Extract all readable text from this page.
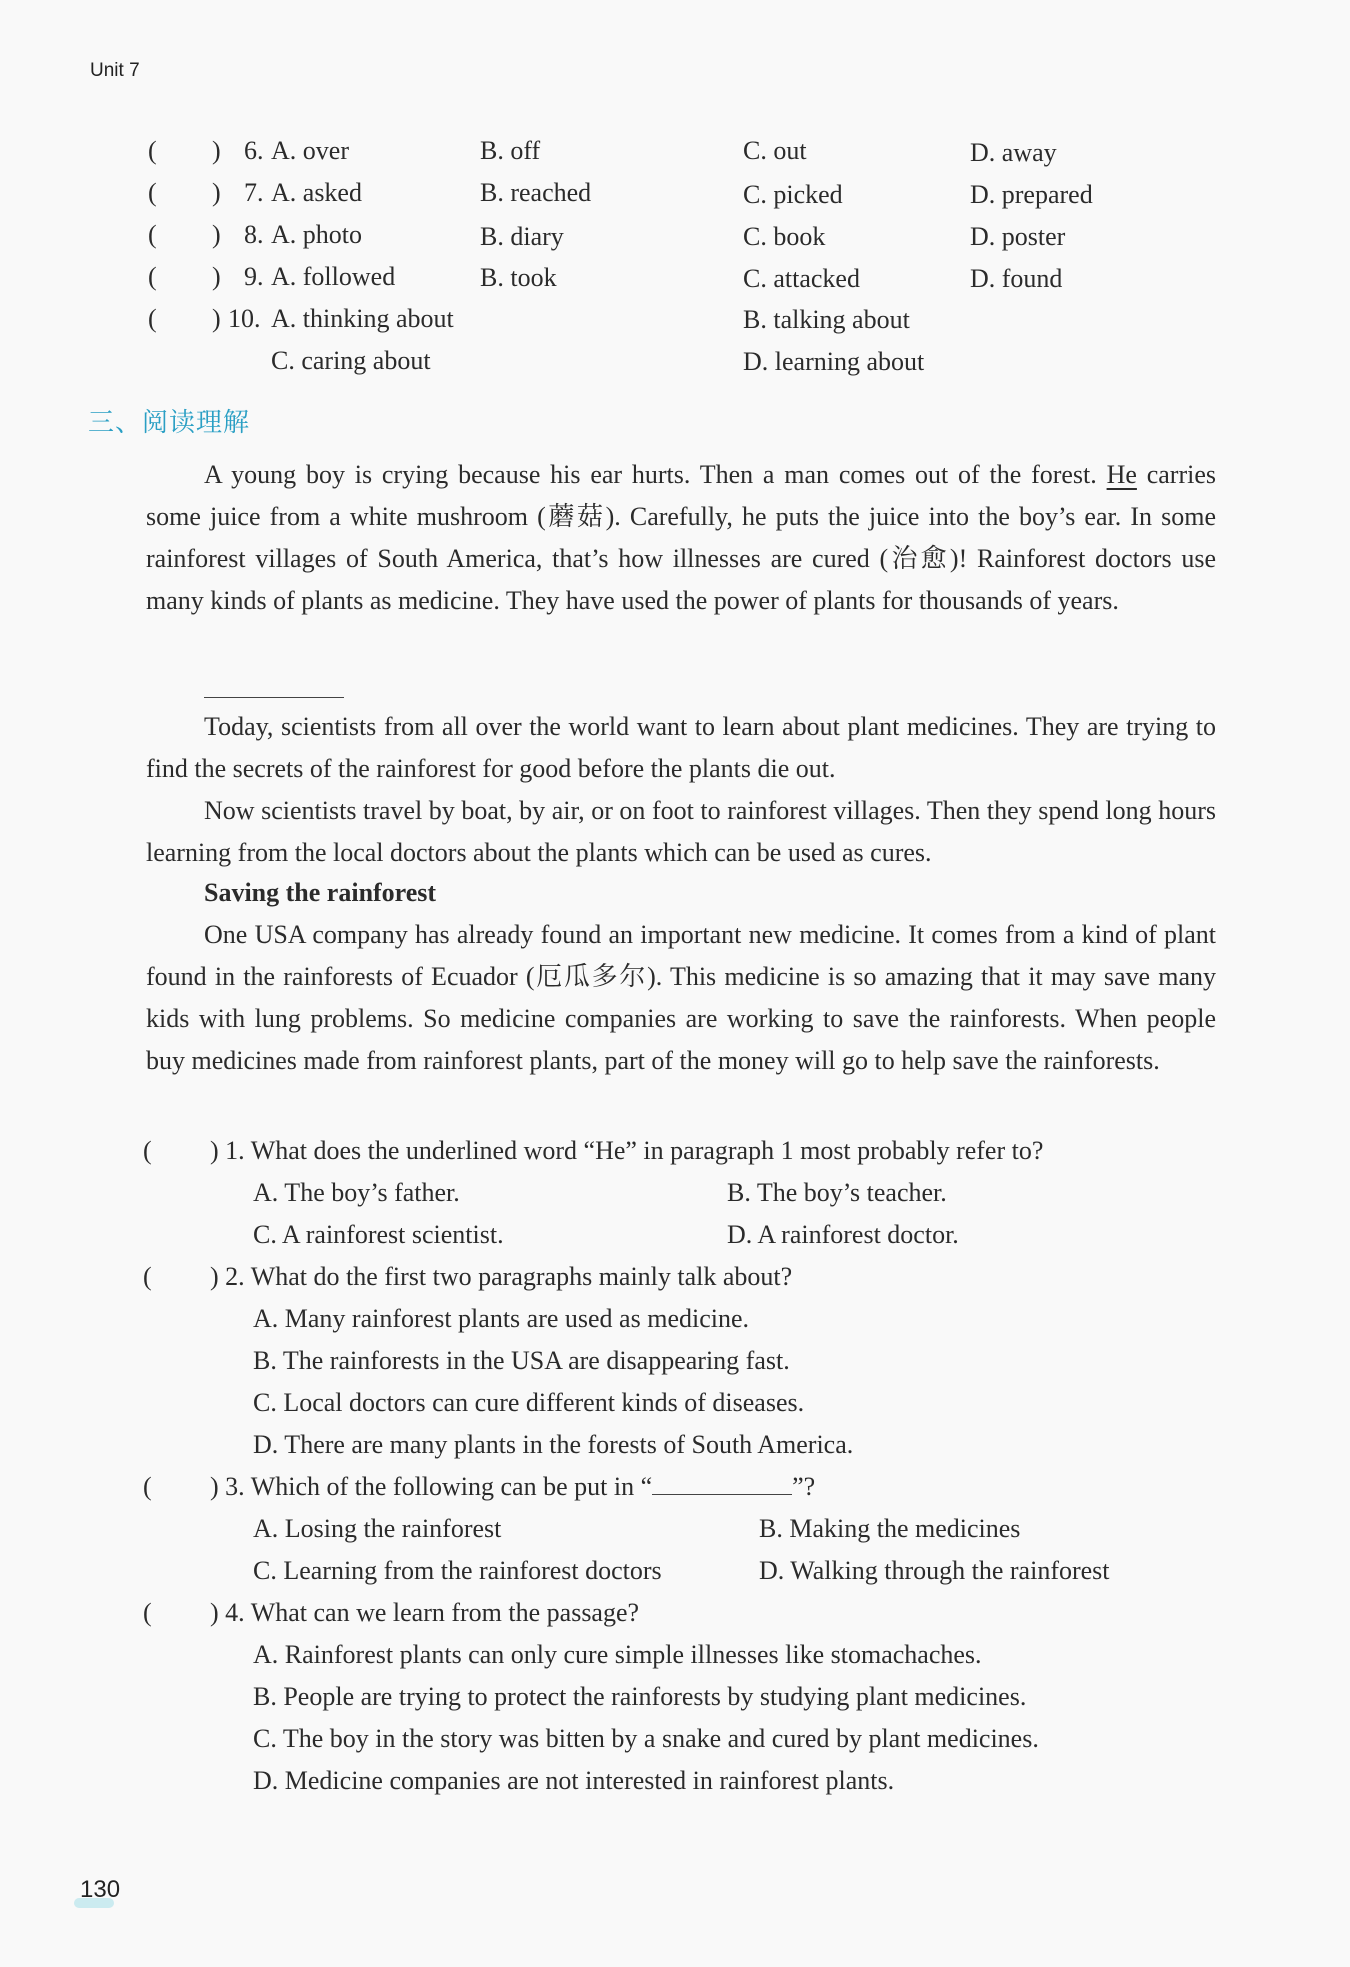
Unit 7
( ) 6. A. over	B. off	C. out	D. away
( ) 7. A. asked	B. reached	C. picked	D. prepared
( ) 8. A. photo	B. diary	C. book	D. poster
( ) 9. A. followed	B. took	C. attacked	D. found
( ) 10. A. thinking about	B. talking about
C. caring about	D. learning about
三、阅读理解
A young boy is crying because his ear hurts. Then a man comes out of the forest. He carries some juice from a white mushroom (蘑菇). Carefully, he puts the juice into the boy’s ear. In some rainforest villages of South America, that’s how illnesses are cured (治愈)! Rainforest doctors use many kinds of plants as medicine. They have used the power of plants for thousands of years.
Today, scientists from all over the world want to learn about plant medicines. They are trying to find the secrets of the rainforest for good before the plants die out.
Now scientists travel by boat, by air, or on foot to rainforest villages. Then they spend long hours learning from the local doctors about the plants which can be used as cures.
Saving the rainforest
One USA company has already found an important new medicine. It comes from a kind of plant found in the rainforests of Ecuador (厄瓜多尔). This medicine is so amazing that it may save many kids with lung problems. So medicine companies are working to save the rainforests. When people buy medicines made from rainforest plants, part of the money will go to help save the rainforests.
( ) 1. What does the underlined word “He” in paragraph 1 most probably refer to?
A. The boy’s father.	B. The boy’s teacher.
C. A rainforest scientist.	D. A rainforest doctor.
( ) 2. What do the first two paragraphs mainly talk about?
A. Many rainforest plants are used as medicine.
B. The rainforests in the USA are disappearing fast.
C. Local doctors can cure different kinds of diseases.
D. There are many plants in the forests of South America.
( ) 3. Which of the following can be put in “	”?
A. Losing the rainforest	B. Making the medicines
C. Learning from the rainforest doctors	D. Walking through the rainforest
( ) 4. What can we learn from the passage?
A. Rainforest plants can only cure simple illnesses like stomachaches.
B. People are trying to protect the rainforests by studying plant medicines.
C. The boy in the story was bitten by a snake and cured by plant medicines.
D. Medicine companies are not interested in rainforest plants.
130
